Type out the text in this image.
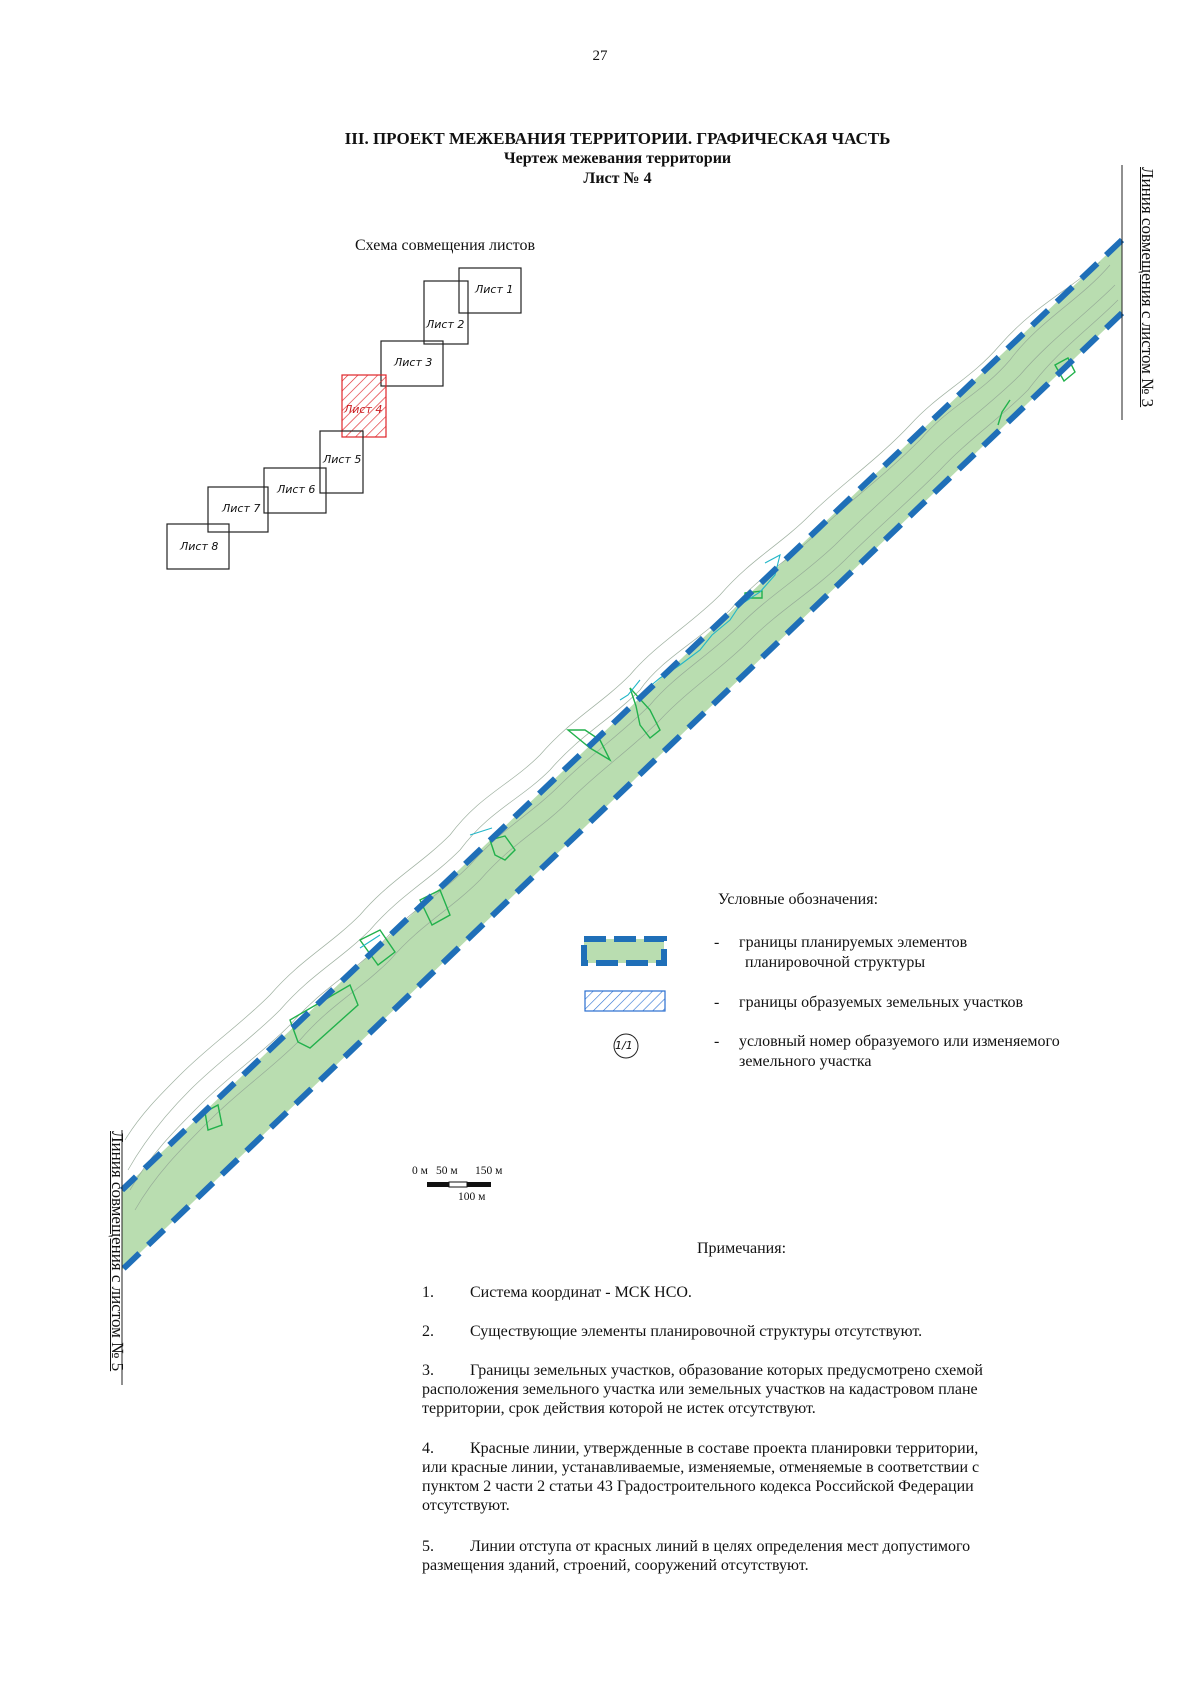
27
III. ПРОЕКТ МЕЖЕВАНИЯ ТЕРРИТОРИИ. ГРАФИЧЕСКАЯ ЧАСТЬ
Чертеж межевания территории
Лист № 4
Схема совмещения листов
Лист 1
Лист 2
Лист 3
Лист 4
Лист 5
Лист 6
Лист 7
Лист 8
Линия совмещения с листом № 3
Линия совмещения с листом № 5
Условные обозначения:
- границы планируемых элементов
планировочной структуры
- границы образуемых земельных участков
1/1	- условный номер образуемого или изменяемого
земельного участка
0 м 50 м 150 м
100 м
Примечания:
1. Система координат - МСК НСО.
2. Существующие элементы планировочной структуры отсутствуют.
3. Границы земельных участков, образование которых предусмотрено схемой
расположения земельного участка или земельных участков на кадастровом плане
территории, срок действия которой не истек отсутствуют.
4. Красные линии, утвержденные в составе проекта планировки территории,
или красные линии, устанавливаемые, изменяемые, отменяемые в соответствии с
пунктом 2 части 2 статьи 43 Градостроительного кодекса Российской Федерации
отсутствуют.
5. Линии отступа от красных линий в целях определения мест допустимого
размещения зданий, строений, сооружений отсутствуют.
